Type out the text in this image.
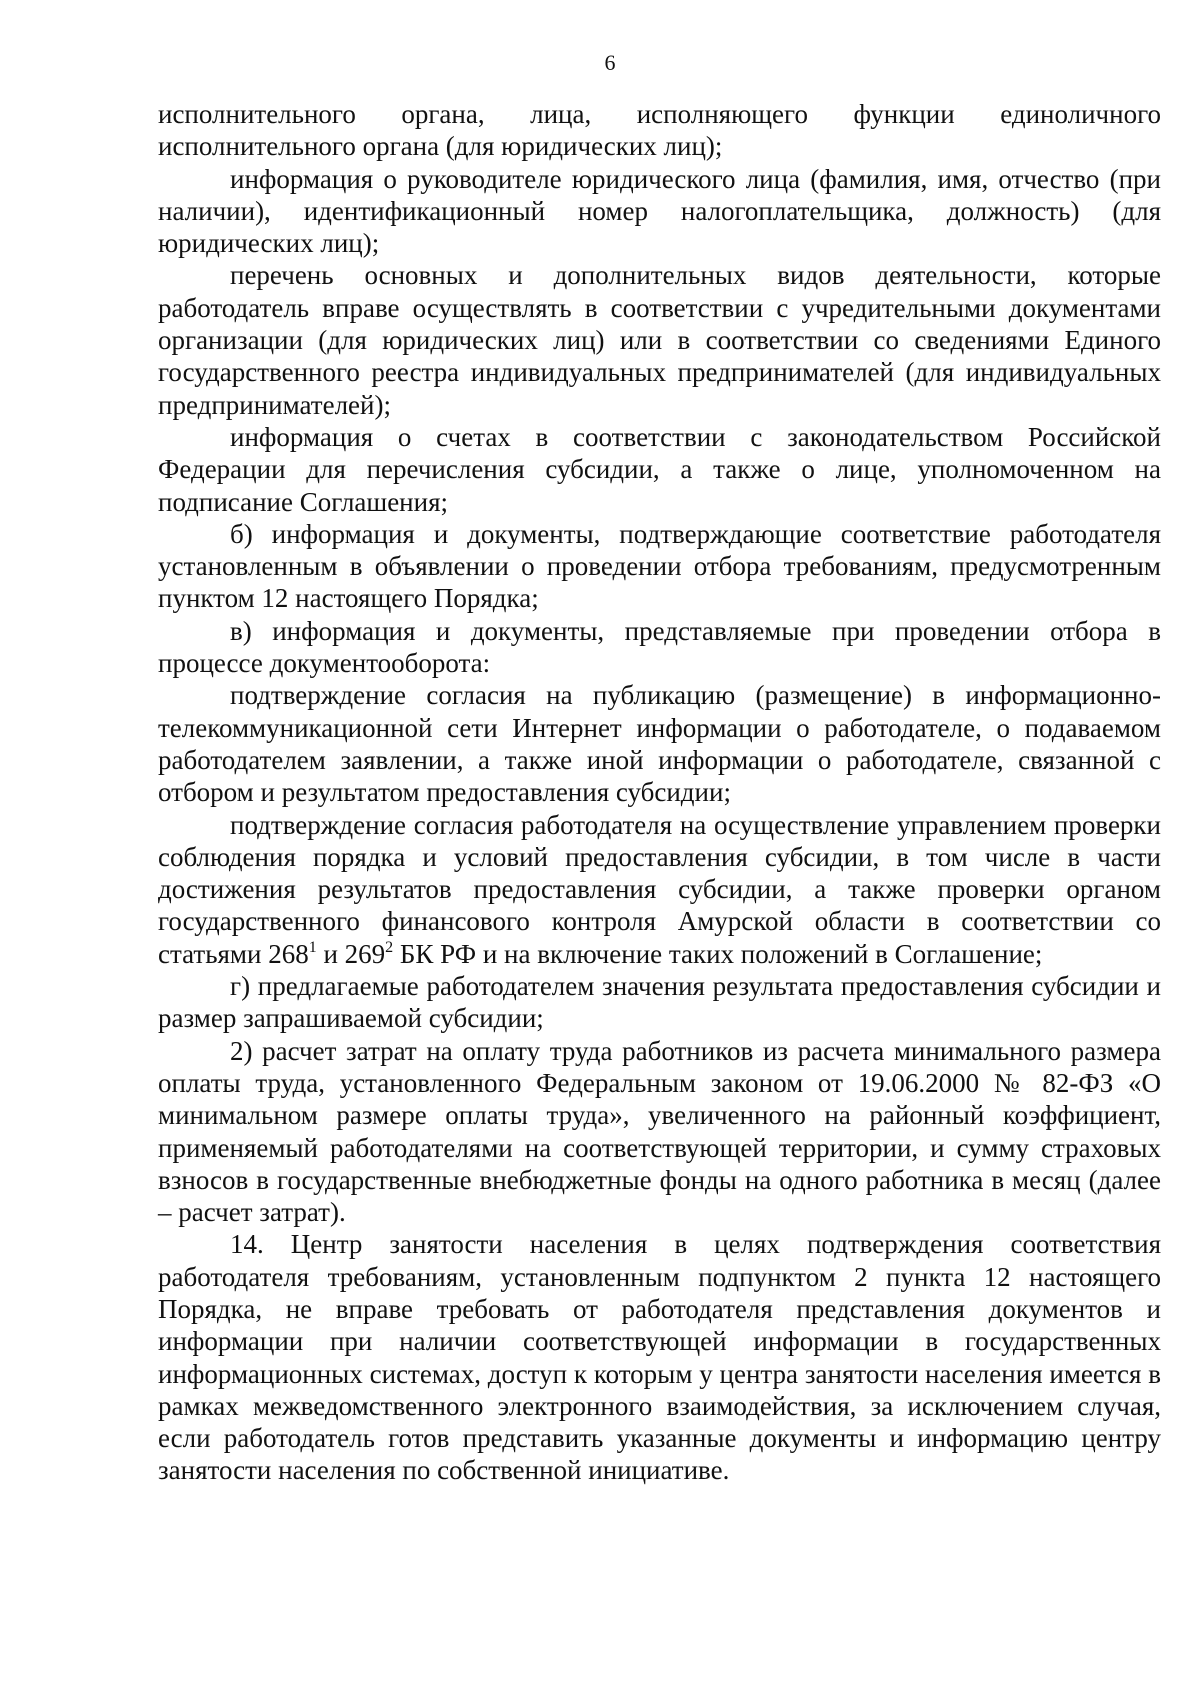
6

исполнительного органа, лица, исполняющего функции единоличного исполнительного органа (для юридических лиц);

информация о руководителе юридического лица (фамилия, имя, отчество (при наличии), идентификационный номер налогоплательщика, должность) (для юридических лиц);

перечень основных и дополнительных видов деятельности, которые работодатель вправе осуществлять в соответствии с учредительными документами организации (для юридических лиц) или в соответствии со сведениями Единого государственного реестра индивидуальных предпринимателей (для индивидуальных предпринимателей);

информация о счетах в соответствии с законодательством Российской Федерации для перечисления субсидии, а также о лице, уполномоченном на подписание Соглашения;

б) информация и документы, подтверждающие соответствие работодателя установленным в объявлении о проведении отбора требованиям, предусмотренным пунктом 12 настоящего Порядка;

в) информация и документы, представляемые при проведении отбора в процессе документооборота:

подтверждение согласия на публикацию (размещение) в информационно-телекоммуникационной сети Интернет информации о работодателе, о подаваемом работодателем заявлении, а также иной информации о работодателе, связанной с отбором и результатом предоставления субсидии;

подтверждение согласия работодателя на осуществление управлением проверки соблюдения порядка и условий предоставления субсидии, в том числе в части достижения результатов предоставления субсидии, а также проверки органом государственного финансового контроля Амурской области в соответствии со статьями $268^1$ и $269^2$ БК РФ и на включение таких положений в Соглашение;

г) предлагаемые работодателем значения результата предоставления субсидии и размер запрашиваемой субсидии;

2) расчет затрат на оплату труда работников из расчета минимального размера оплаты труда, установленного Федеральным законом от 19.06.2000 № 82-ФЗ «О минимальном размере оплаты труда», увеличенного на районный коэффициент, применяемый работодателями на соответствующей территории, и сумму страховых взносов в государственные внебюджетные фонды на одного работника в месяц (далее – расчет затрат).

14. Центр занятости населения в целях подтверждения соответствия работодателя требованиям, установленным подпунктом 2 пункта 12 настоящего Порядка, не вправе требовать от работодателя представления документов и информации при наличии соответствующей информации в государственных информационных системах, доступ к которым у центра занятости населения имеется в рамках межведомственного электронного взаимодействия, за исключением случая, если работодатель готов представить указанные документы и информацию центру занятости населения по собственной инициативе.
